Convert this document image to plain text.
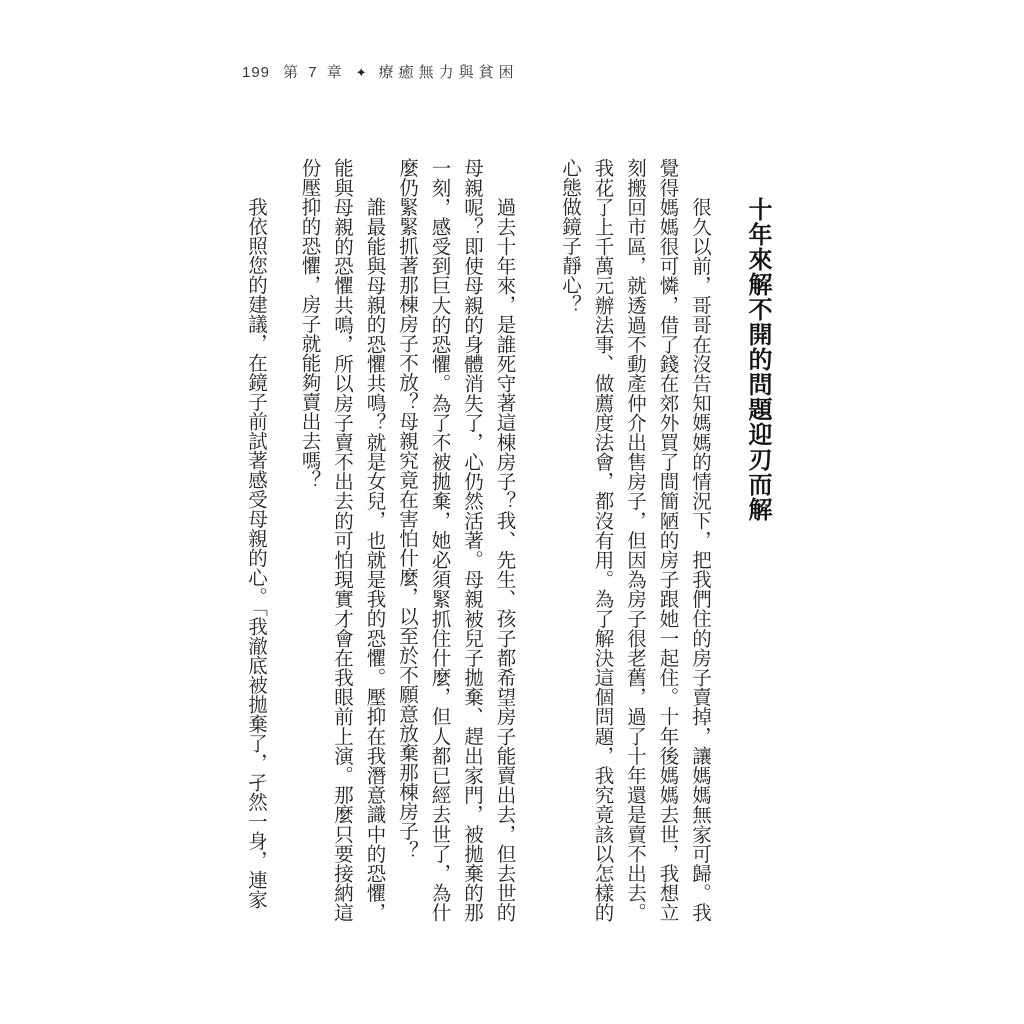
199 第 7 章 ✦ 療癒無力與貧困
十年來解不開的問題迎刃而解

很久以前，哥哥在沒告知媽媽的情況下，把我們住的房子賣掉，讓媽媽無家可歸。我覺得媽媽很可憐，借了錢在郊外買了間簡陋的房子跟她一起住。十年後媽媽去世，我想立刻搬回市區，就透過不動產仲介出售房子，但因為房子很老舊，過了十年還是賣不出去。我花了上千萬元辦法事、做薦度法會，都沒有用。為了解決這個問題，我究竟該以怎樣的心態做鏡子靜心？

過去十年來，是誰死守著這棟房子？我、先生、孩子都希望房子能賣出去，但去世的母親呢？即使母親的身體消失了，心仍然活著。母親被兒子拋棄、趕出家門，被拋棄的那一刻，感受到巨大的恐懼。為了不被拋棄，她必須緊抓住什麼，但人都已經去世了，為什麼仍緊緊抓著那棟房子不放？母親究竟在害怕什麼，以至於不願意放棄那棟房子？

誰最能與母親的恐懼共鳴？就是女兒，也就是我的恐懼。壓抑在我潛意識中的恐懼，能與母親的恐懼共鳴，所以房子賣不出去的可怕現實才會在我眼前上演。那麼只要接納這份壓抑的恐懼，房子就能夠賣出去嗎？

我依照您的建議，在鏡子前試著感受母親的心。「我澈底被拋棄了，孑然一身，連家
